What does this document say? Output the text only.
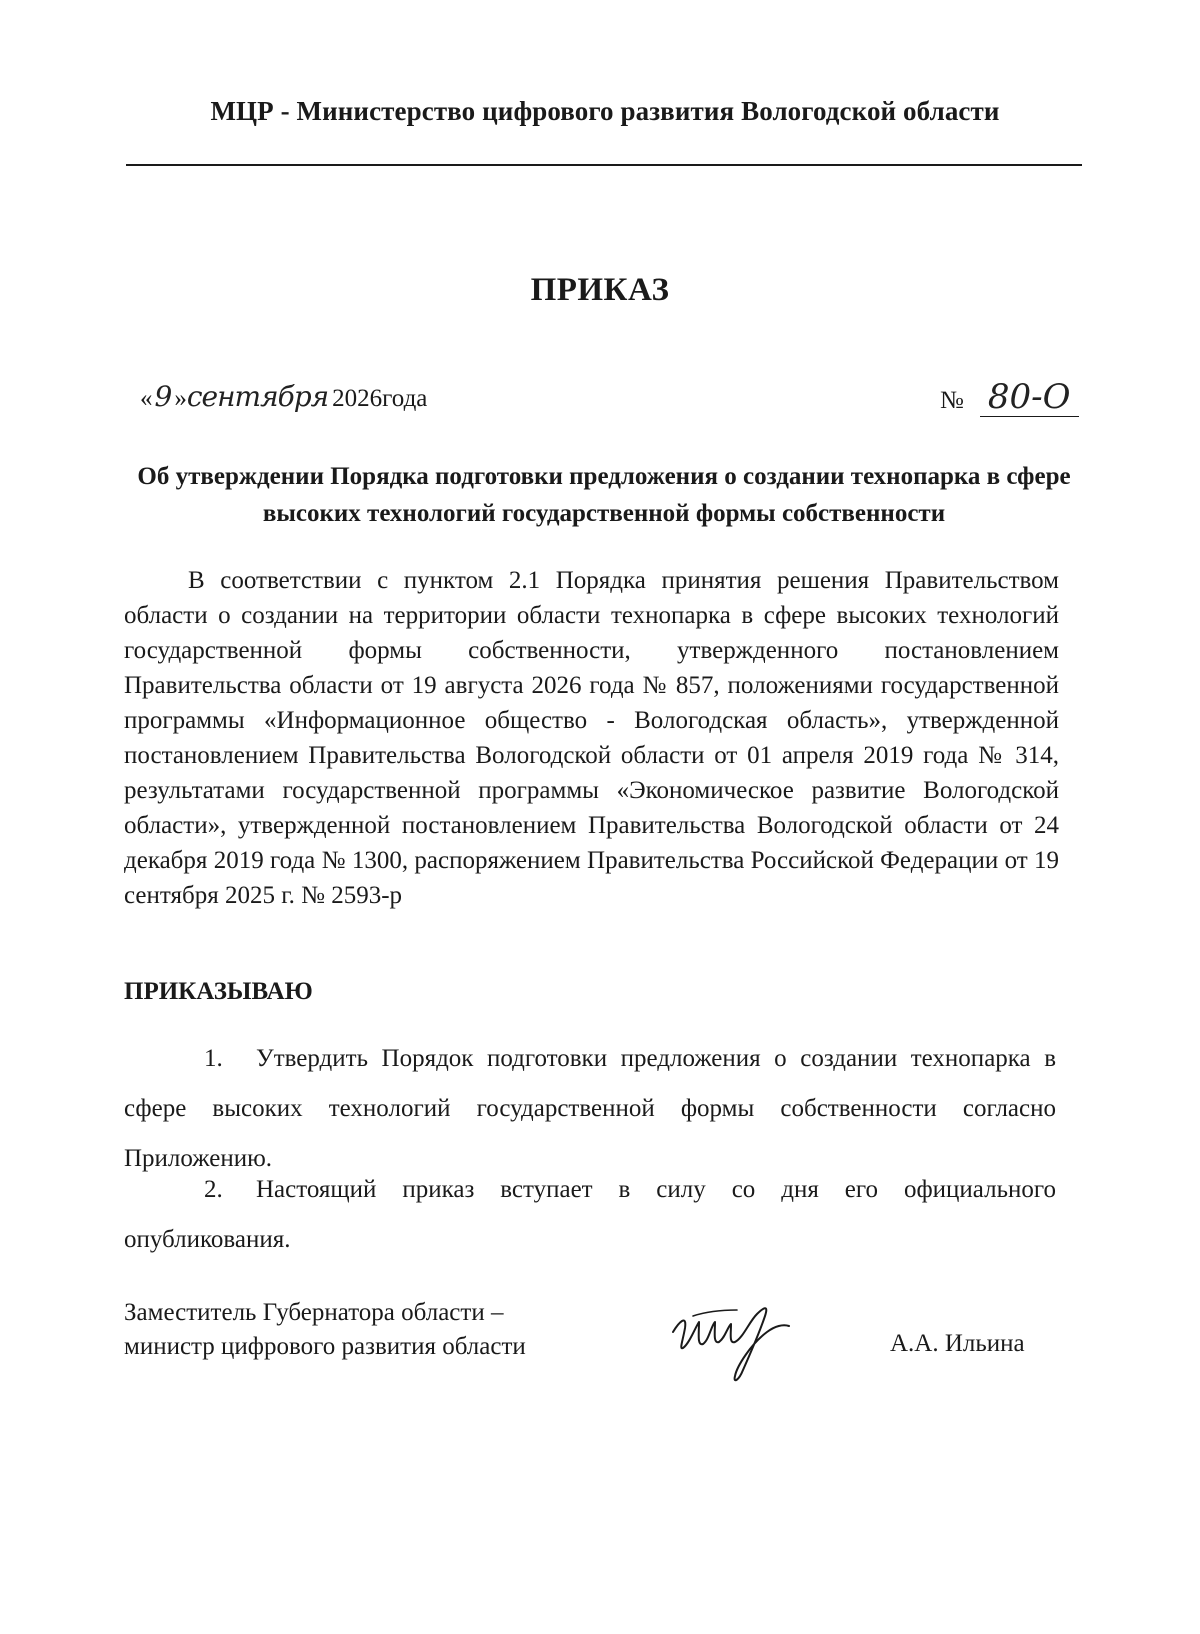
МЦР - Министерство цифрового развития Вологодской области
ПРИКАЗ
«9»сентября 2026года	№ 80-О
Об утверждении Порядка подготовки предложения о создании технопарка в сфере высоких технологий государственной формы собственности

В соответствии с пунктом 2.1 Порядка принятия решения Правительством области о создании на территории области технопарка в сфере высоких технологий государственной формы собственности, утвержденного постановлением Правительства области от 19 августа 2026 года № 857, положениями государственной программы «Информационное общество - Вологодская область», утвержденной постановлением Правительства Вологодской области от 01 апреля 2019 года № 314, результатами государственной программы «Экономическое развитие Вологодской области», утвержденной постановлением Правительства Вологодской области от 24 декабря 2019 года № 1300, распоряжением Правительства Российской Федерации от 19 сентября 2025 г. № 2593-р

ПРИКАЗЫВАЮ

1. Утвердить Порядок подготовки предложения о создании технопарка в сфере высоких технологий государственной формы собственности согласно Приложению.

2. Настоящий приказ вступает в силу со дня его официального опубликования.

Заместитель Губернатора области –
министр цифрового развития области	А.А. Ильина
